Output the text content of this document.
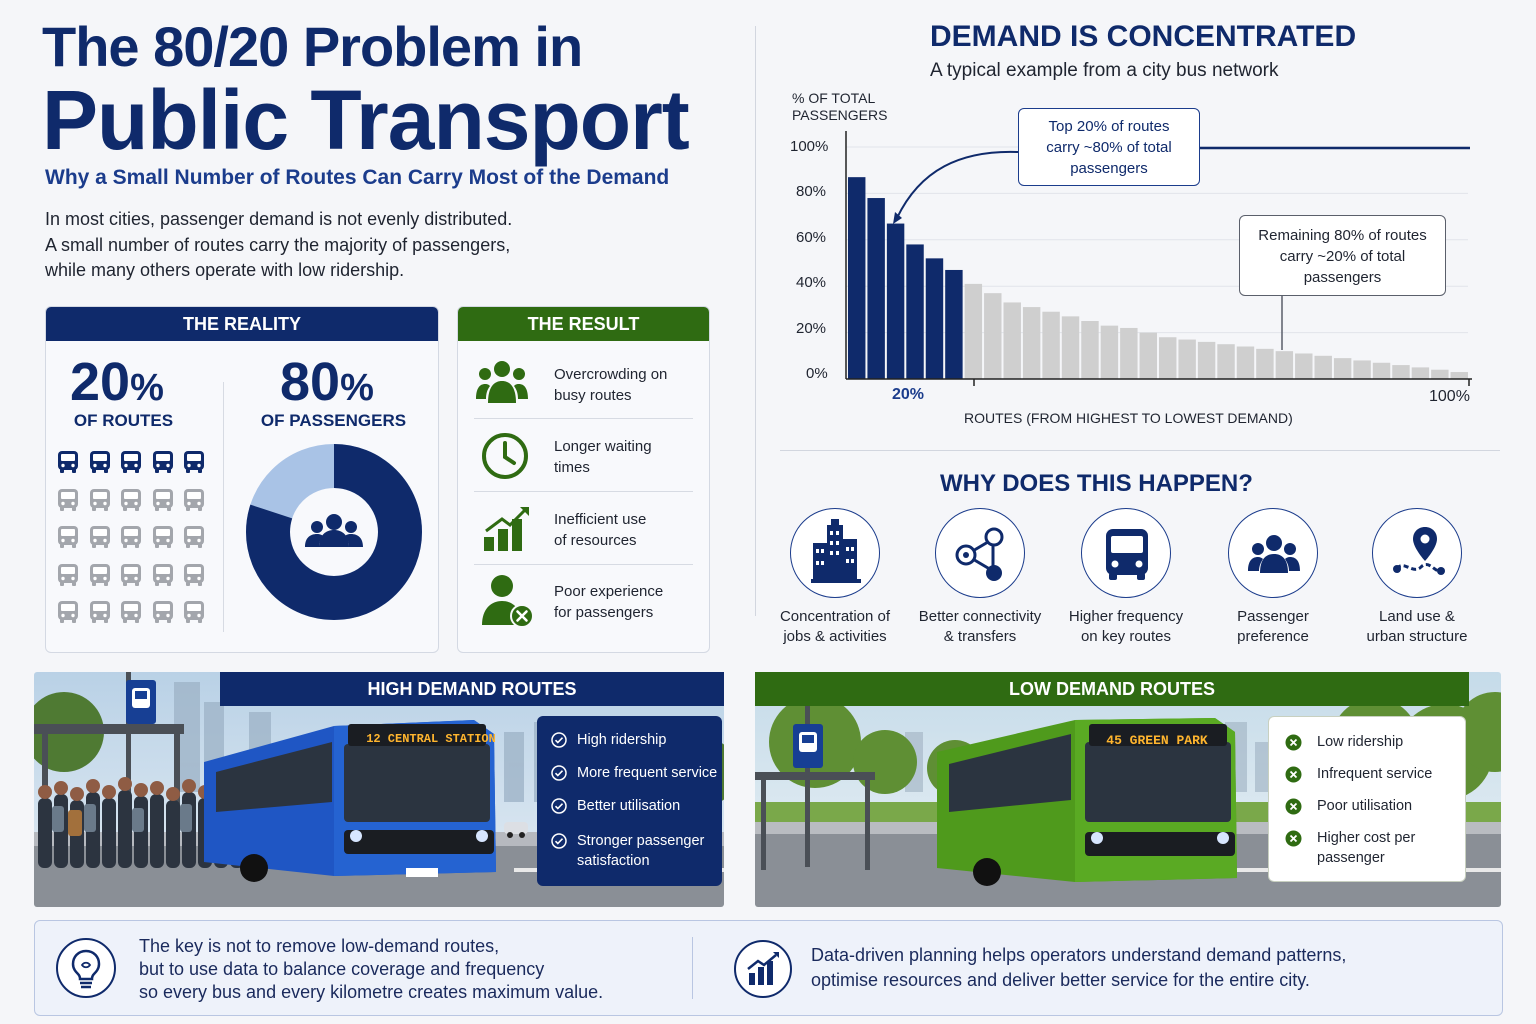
The 80/20 Problem in
Public Transport
Why a Small Number of Routes Can Carry Most of the Demand
In most cities, passenger demand is not evenly distributed.
A small number of routes carry the majority of passengers,
while many others operate with low ridership.
THE REALITY
20%
OF ROUTES
80%
OF PASSENGERS
THE RESULT
Overcrowding on
busy routes
Longer waiting
times
Inefficient use
of resources
Poor experience
for passengers
DEMAND IS CONCENTRATED
A typical example from a city bus network
% OF TOTAL
PASSENGERS
100%
80%
60%
40%
20%
0%
Top 20% of routes
carry ~80% of total
passengers
Remaining 80% of routes
carry ~20% of total
passengers
20%	100%
ROUTES (FROM HIGHEST TO LOWEST DEMAND)
WHY DOES THIS HAPPEN?
Concentration of
jobs & activities
Better connectivity
& transfers
Higher frequency
on key routes
Passenger
preference
Land use &
urban structure
12 CENTRAL STATION
HIGH DEMAND ROUTES
High ridership
More frequent service
Better utilisation
Stronger passenger
satisfaction
45 GREEN PARK
LOW DEMAND ROUTES
Low ridership
Infrequent service
Poor utilisation
Higher cost per
passenger
The key is not to remove low-demand routes,
but to use data to balance coverage and frequency
so every bus and every kilometre creates maximum value.
Data-driven planning helps operators understand demand patterns,
optimise resources and deliver better service for the entire city.
